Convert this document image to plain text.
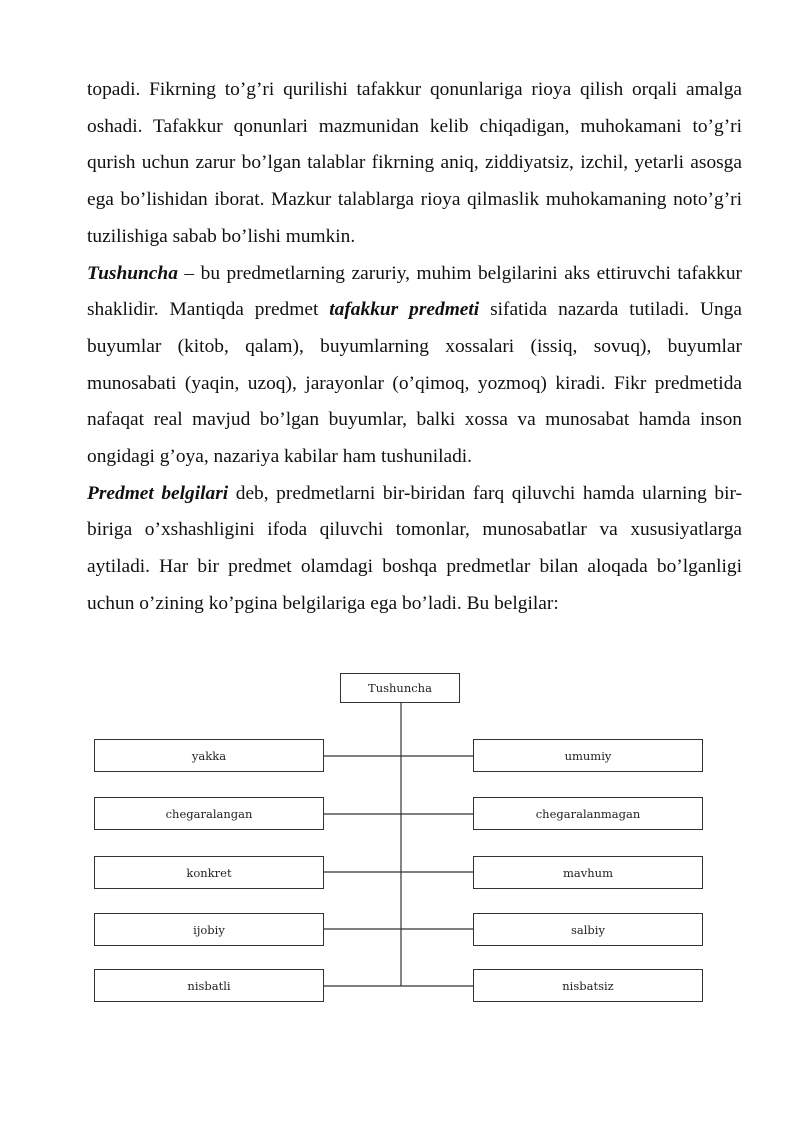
topadi. Fikrning to’g’ri qurilishi tafakkur qonunlariga rioya qilish orqali amalga oshadi. Tafakkur qonunlari mazmunidan kelib chiqadigan, muhokamani to’g’ri qurish uchun zarur bo’lgan talablar fikrning aniq, ziddiyatsiz, izchil, yetarli asosga ega bo’lishidan iborat. Mazkur talablarga rioya qilmaslik muhokamaning noto’g’ri tuzilishiga sabab bo’lishi mumkin.
Tushuncha – bu predmetlarning zaruriy, muhim belgilarini aks ettiruvchi tafakkur shaklidir. Mantiqda predmet tafakkur predmeti sifatida nazarda tutiladi. Unga buyumlar (kitob, qalam), buyumlarning xossalari (issiq, sovuq), buyumlar munosabati (yaqin, uzoq), jarayonlar (o’qimoq, yozmoq) kiradi. Fikr predmetida nafaqat real mavjud bo’lgan buyumlar, balki xossa va munosabat hamda inson ongidagi g’oya, nazariya kabilar ham tushuniladi.
Predmet belgilari deb, predmetlarni bir-biridan farq qiluvchi hamda ularning bir-biriga o’xshashligini ifoda qiluvchi tomonlar, munosabatlar va xususiyatlarga aytiladi. Har bir predmet olamdagi boshqa predmetlar bilan aloqada bo’lganligi uchun o’zining ko’pgina belgilariga ega bo’ladi. Bu belgilar:

Tushuncha
yakka
chegaralangan
konkret
ijobiy
nisbatli
umumiy
chegaralanmagan
mavhum
salbiy
nisbatsiz
